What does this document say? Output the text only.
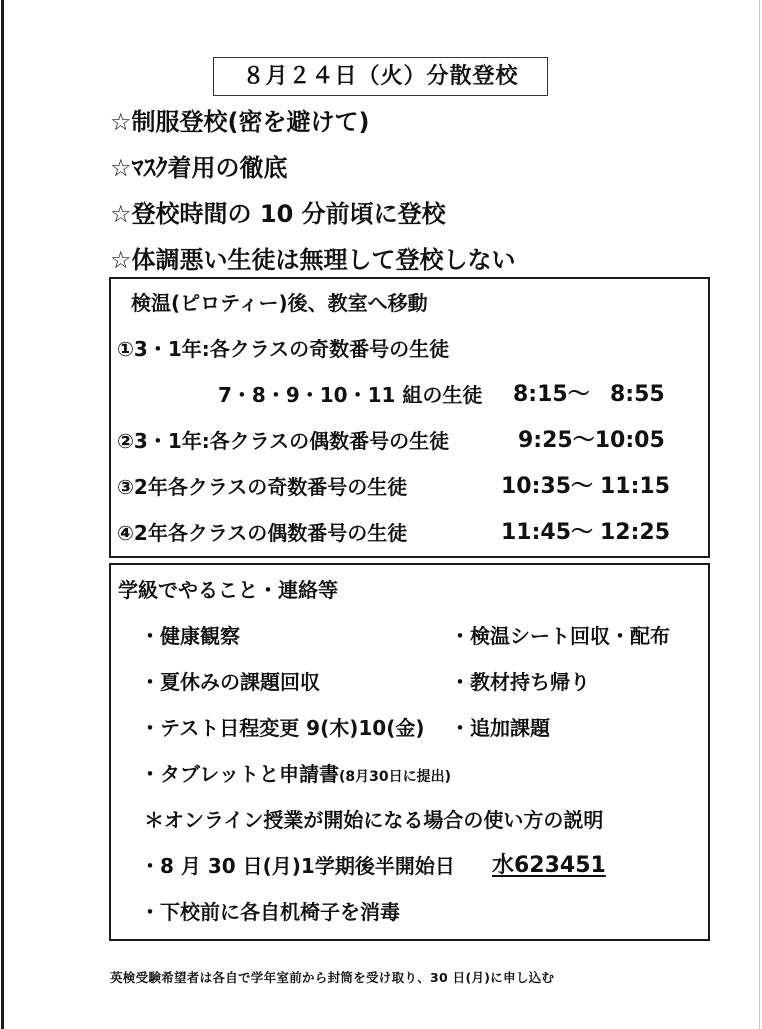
８月２４日（火）分散登校
☆制服登校(密を避けて)
☆ﾏｽｸ着用の徹底
☆登校時間の 10 分前頃に登校
☆体調悪い生徒は無理して登校しない
検温(ピロティー)後、教室へ移動
①3・1年:各クラスの奇数番号の生徒
7・8・9・10・11 組の生徒 8:15～ 8:55
②3・1年:各クラスの偶数番号の生徒	9:25～10:05
③2年各クラスの奇数番号の生徒	10:35～ 11:15
④2年各クラスの偶数番号の生徒	11:45～ 12:25
学級でやること・連絡等
・健康観察	・検温シート回収・配布
・夏休みの課題回収	・教材持ち帰り
・テスト日程変更 9(木)10(金) ・追加課題
・タブレットと申請書(8月30日に提出)
＊オンライン授業が開始になる場合の使い方の説明
・8 月 30 日(月)1学期後半開始日 水623451
・下校前に各自机椅子を消毒
英検受験希望者は各自で学年室前から封筒を受け取り、30 日(月)に申し込む
